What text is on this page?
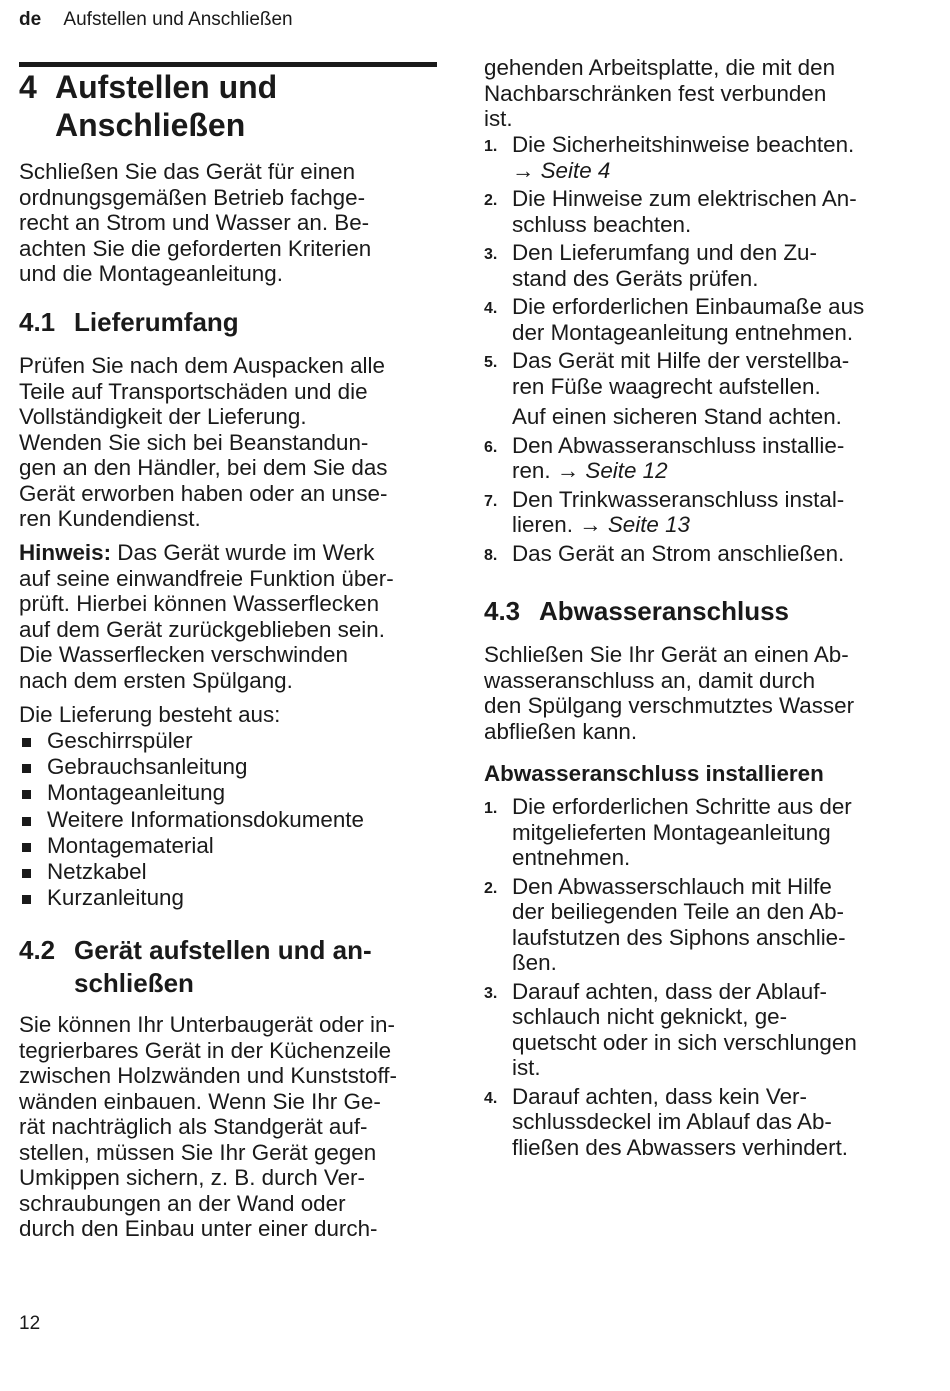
de Aufstellen und Anschließen
4 Aufstellen und
Anschließen
Schließen Sie das Gerät für einen
ordnungsgemäßen Betrieb fachge-
recht an Strom und Wasser an. Be-
achten Sie die geforderten Kriterien
und die Montageanleitung.
4.1 Lieferumfang
Prüfen Sie nach dem Auspacken alle
Teile auf Transportschäden und die
Vollständigkeit der Lieferung.
Wenden Sie sich bei Beanstandun-
gen an den Händler, bei dem Sie das
Gerät erworben haben oder an unse-
ren Kundendienst.
Hinweis: Das Gerät wurde im Werk
auf seine einwandfreie Funktion über-
prüft. Hierbei können Wasserflecken
auf dem Gerät zurückgeblieben sein.
Die Wasserflecken verschwinden
nach dem ersten Spülgang.
Die Lieferung besteht aus:
Geschirrspüler
Gebrauchsanleitung
Montageanleitung
Weitere Informationsdokumente
Montagematerial
Netzkabel
Kurzanleitung
4.2 Gerät aufstellen und an-
schließen
Sie können Ihr Unterbaugerät oder in-
tegrierbares Gerät in der Küchenzeile
zwischen Holzwänden und Kunststoff-
wänden einbauen. Wenn Sie Ihr Ge-
rät nachträglich als Standgerät auf-
stellen, müssen Sie Ihr Gerät gegen
Umkippen sichern, z. B. durch Ver-
schraubungen an der Wand oder
durch den Einbau unter einer durch-
gehenden Arbeitsplatte, die mit den
Nachbarschränken fest verbunden
ist.
1. Die Sicherheitshinweise beachten.
→ Seite 4
2. Die Hinweise zum elektrischen An-
schluss beachten.
3. Den Lieferumfang und den Zu-
stand des Geräts prüfen.
4. Die erforderlichen Einbaumaße aus
der Montageanleitung entnehmen.
5. Das Gerät mit Hilfe der verstellba-
ren Füße waagrecht aufstellen.
Auf einen sicheren Stand achten.
6. Den Abwasseranschluss installie-
ren. → Seite 12
7. Den Trinkwasseranschluss instal-
lieren. → Seite 13
8. Das Gerät an Strom anschließen.
4.3 Abwasseranschluss
Schließen Sie Ihr Gerät an einen Ab-
wasseranschluss an, damit durch
den Spülgang verschmutztes Wasser
abfließen kann.
Abwasseranschluss installieren
1. Die erforderlichen Schritte aus der
mitgelieferten Montageanleitung
entnehmen.
2. Den Abwasserschlauch mit Hilfe
der beiliegenden Teile an den Ab-
laufstutzen des Siphons anschlie-
ßen.
3. Darauf achten, dass der Ablauf-
schlauch nicht geknickt, ge-
quetscht oder in sich verschlungen
ist.
4. Darauf achten, dass kein Ver-
schlussdeckel im Ablauf das Ab-
fließen des Abwassers verhindert.
12
